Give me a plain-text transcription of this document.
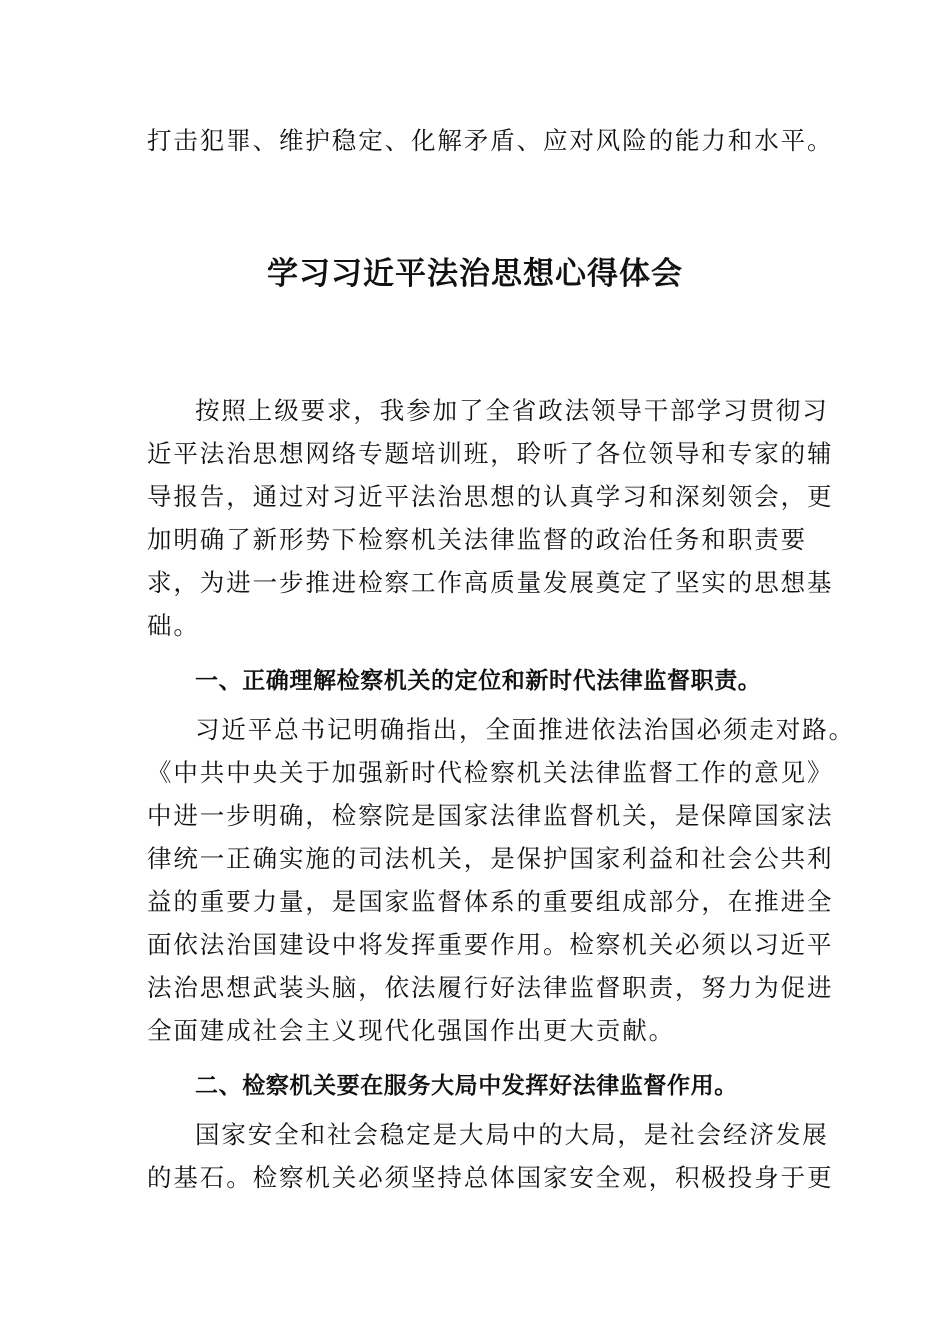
打击犯罪、维护稳定、化解矛盾、应对风险的能力和水平。
学习习近平法治思想心得体会
按照上级要求，我参加了全省政法领导干部学习贯彻习
近平法治思想网络专题培训班，聆听了各位领导和专家的辅
导报告，通过对习近平法治思想的认真学习和深刻领会，更
加明确了新形势下检察机关法律监督的政治任务和职责要
求，为进一步推进检察工作高质量发展奠定了坚实的思想基
础。
一、正确理解检察机关的定位和新时代法律监督职责。
习近平总书记明确指出，全面推进依法治国必须走对路。
《中共中央关于加强新时代检察机关法律监督工作的意见》
中进一步明确，检察院是国家法律监督机关，是保障国家法
律统一正确实施的司法机关，是保护国家利益和社会公共利
益的重要力量，是国家监督体系的重要组成部分，在推进全
面依法治国建设中将发挥重要作用。检察机关必须以习近平
法治思想武装头脑，依法履行好法律监督职责，努力为促进
全面建成社会主义现代化强国作出更大贡献。
二、检察机关要在服务大局中发挥好法律监督作用。
国家安全和社会稳定是大局中的大局，是社会经济发展
的基石。检察机关必须坚持总体国家安全观，积极投身于更
